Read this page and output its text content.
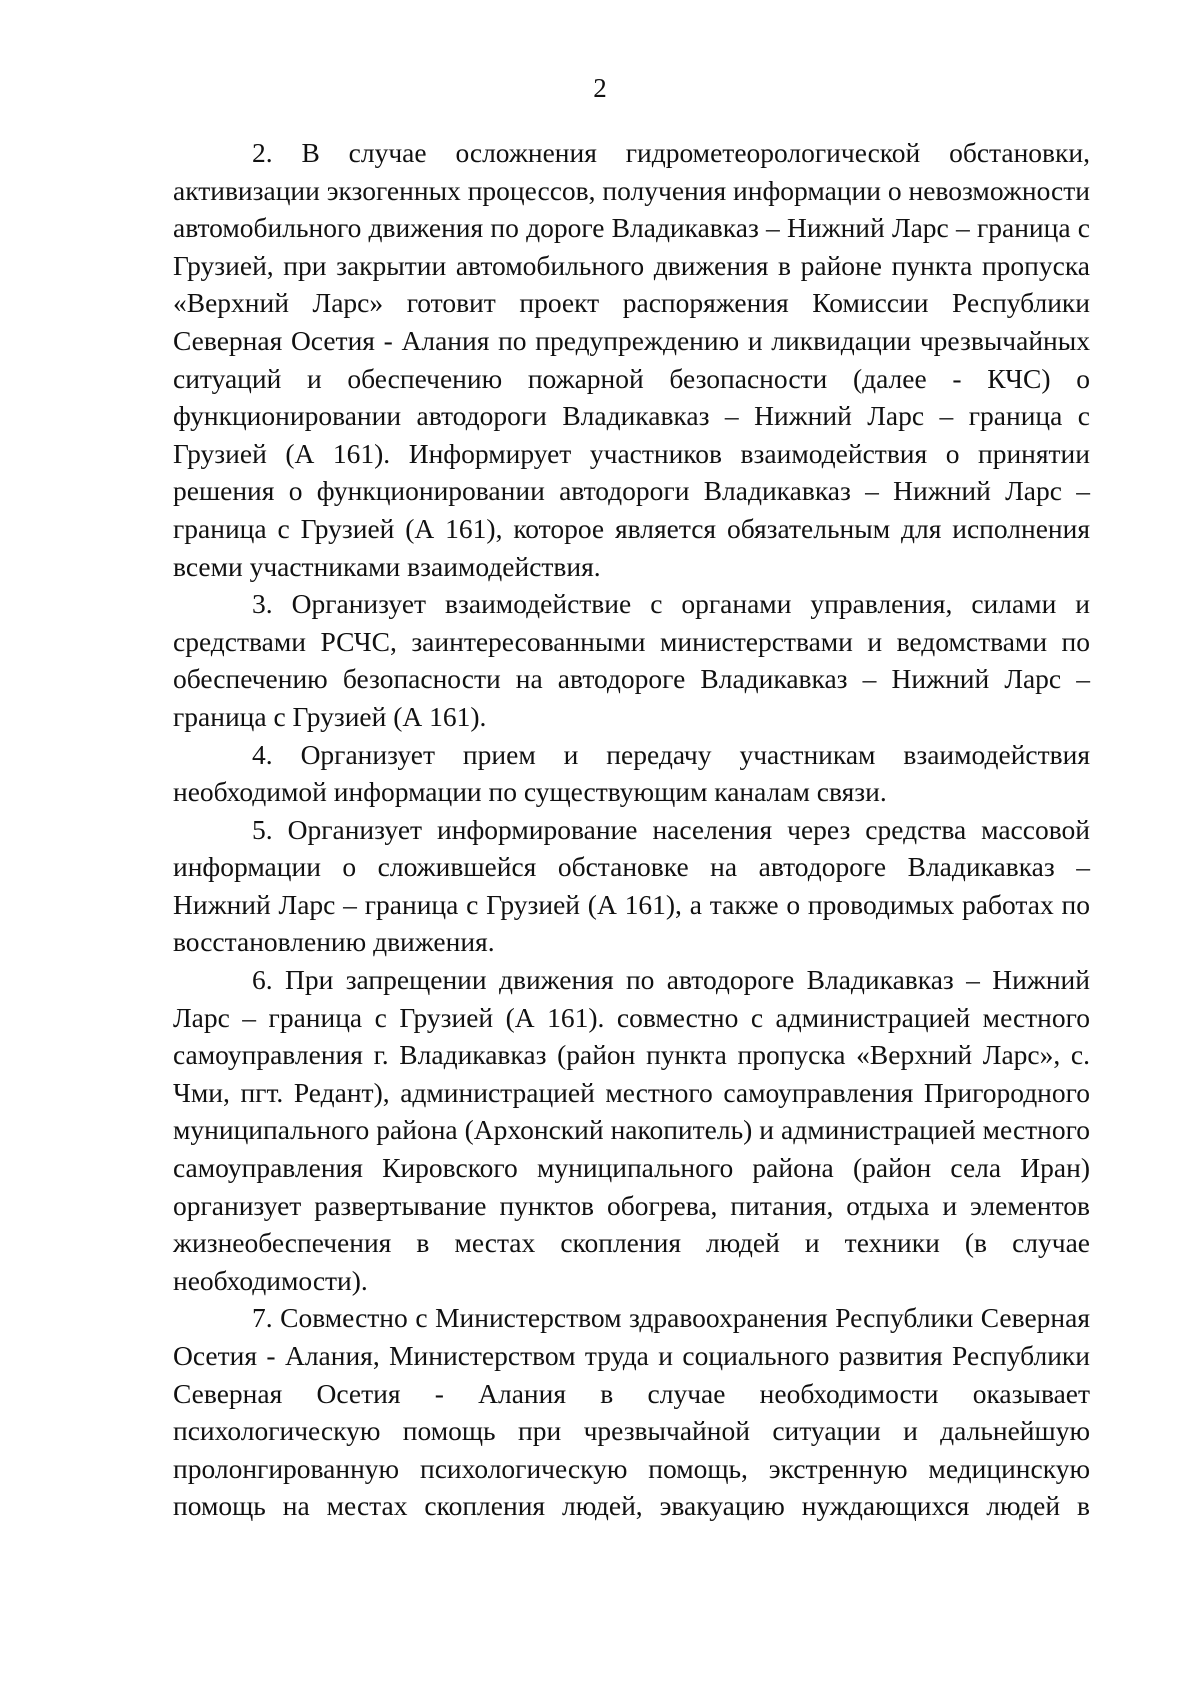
2

2. В случае осложнения гидрометеорологической обстановки, активизации экзогенных процессов, получения информации о невозможности автомобильного движения по дороге Владикавказ – Нижний Ларс – граница с Грузией, при закрытии автомобильного движения в районе пункта пропуска «Верхний Ларс» готовит проект распоряжения Комиссии Республики Северная Осетия - Алания по предупреждению и ликвидации чрезвычайных ситуаций и обеспечению пожарной безопасности (далее - КЧС) о функционировании автодороги Владикавказ – Нижний Ларс – граница с Грузией (А 161). Информирует участников взаимодействия о принятии решения о функционировании автодороги Владикавказ – Нижний Ларс – граница с Грузией (А 161), которое является обязательным для исполнения всеми участниками взаимодействия.

3. Организует взаимодействие с органами управления, силами и средствами РСЧС, заинтересованными министерствами и ведомствами по обеспечению безопасности на автодороге Владикавказ – Нижний Ларс – граница с Грузией (А 161).

4. Организует прием и передачу участникам взаимодействия необходимой информации по существующим каналам связи.

5. Организует информирование населения через средства массовой информации о сложившейся обстановке на автодороге Владикавказ – Нижний Ларс – граница с Грузией (А 161), а также о проводимых работах по восстановлению движения.

6. При запрещении движения по автодороге Владикавказ – Нижний Ларс – граница с Грузией (А 161). совместно с администрацией местного самоуправления г. Владикавказ (район пункта пропуска «Верхний Ларс», с. Чми, пгт. Редант), администрацией местного самоуправления Пригородного муниципального района (Архонский накопитель) и администрацией местного самоуправления Кировского муниципального района (район села Иран) организует развертывание пунктов обогрева, питания, отдыха и элементов жизнеобеспечения в местах скопления людей и техники (в случае необходимости).

7. Совместно с Министерством здравоохранения Республики Северная Осетия - Алания, Министерством труда и социального развития Республики Северная Осетия - Алания в случае необходимости оказывает психологическую помощь при чрезвычайной ситуации и дальнейшую пролонгированную психологическую помощь, экстренную медицинскую помощь на местах скопления людей, эвакуацию нуждающихся людей в
